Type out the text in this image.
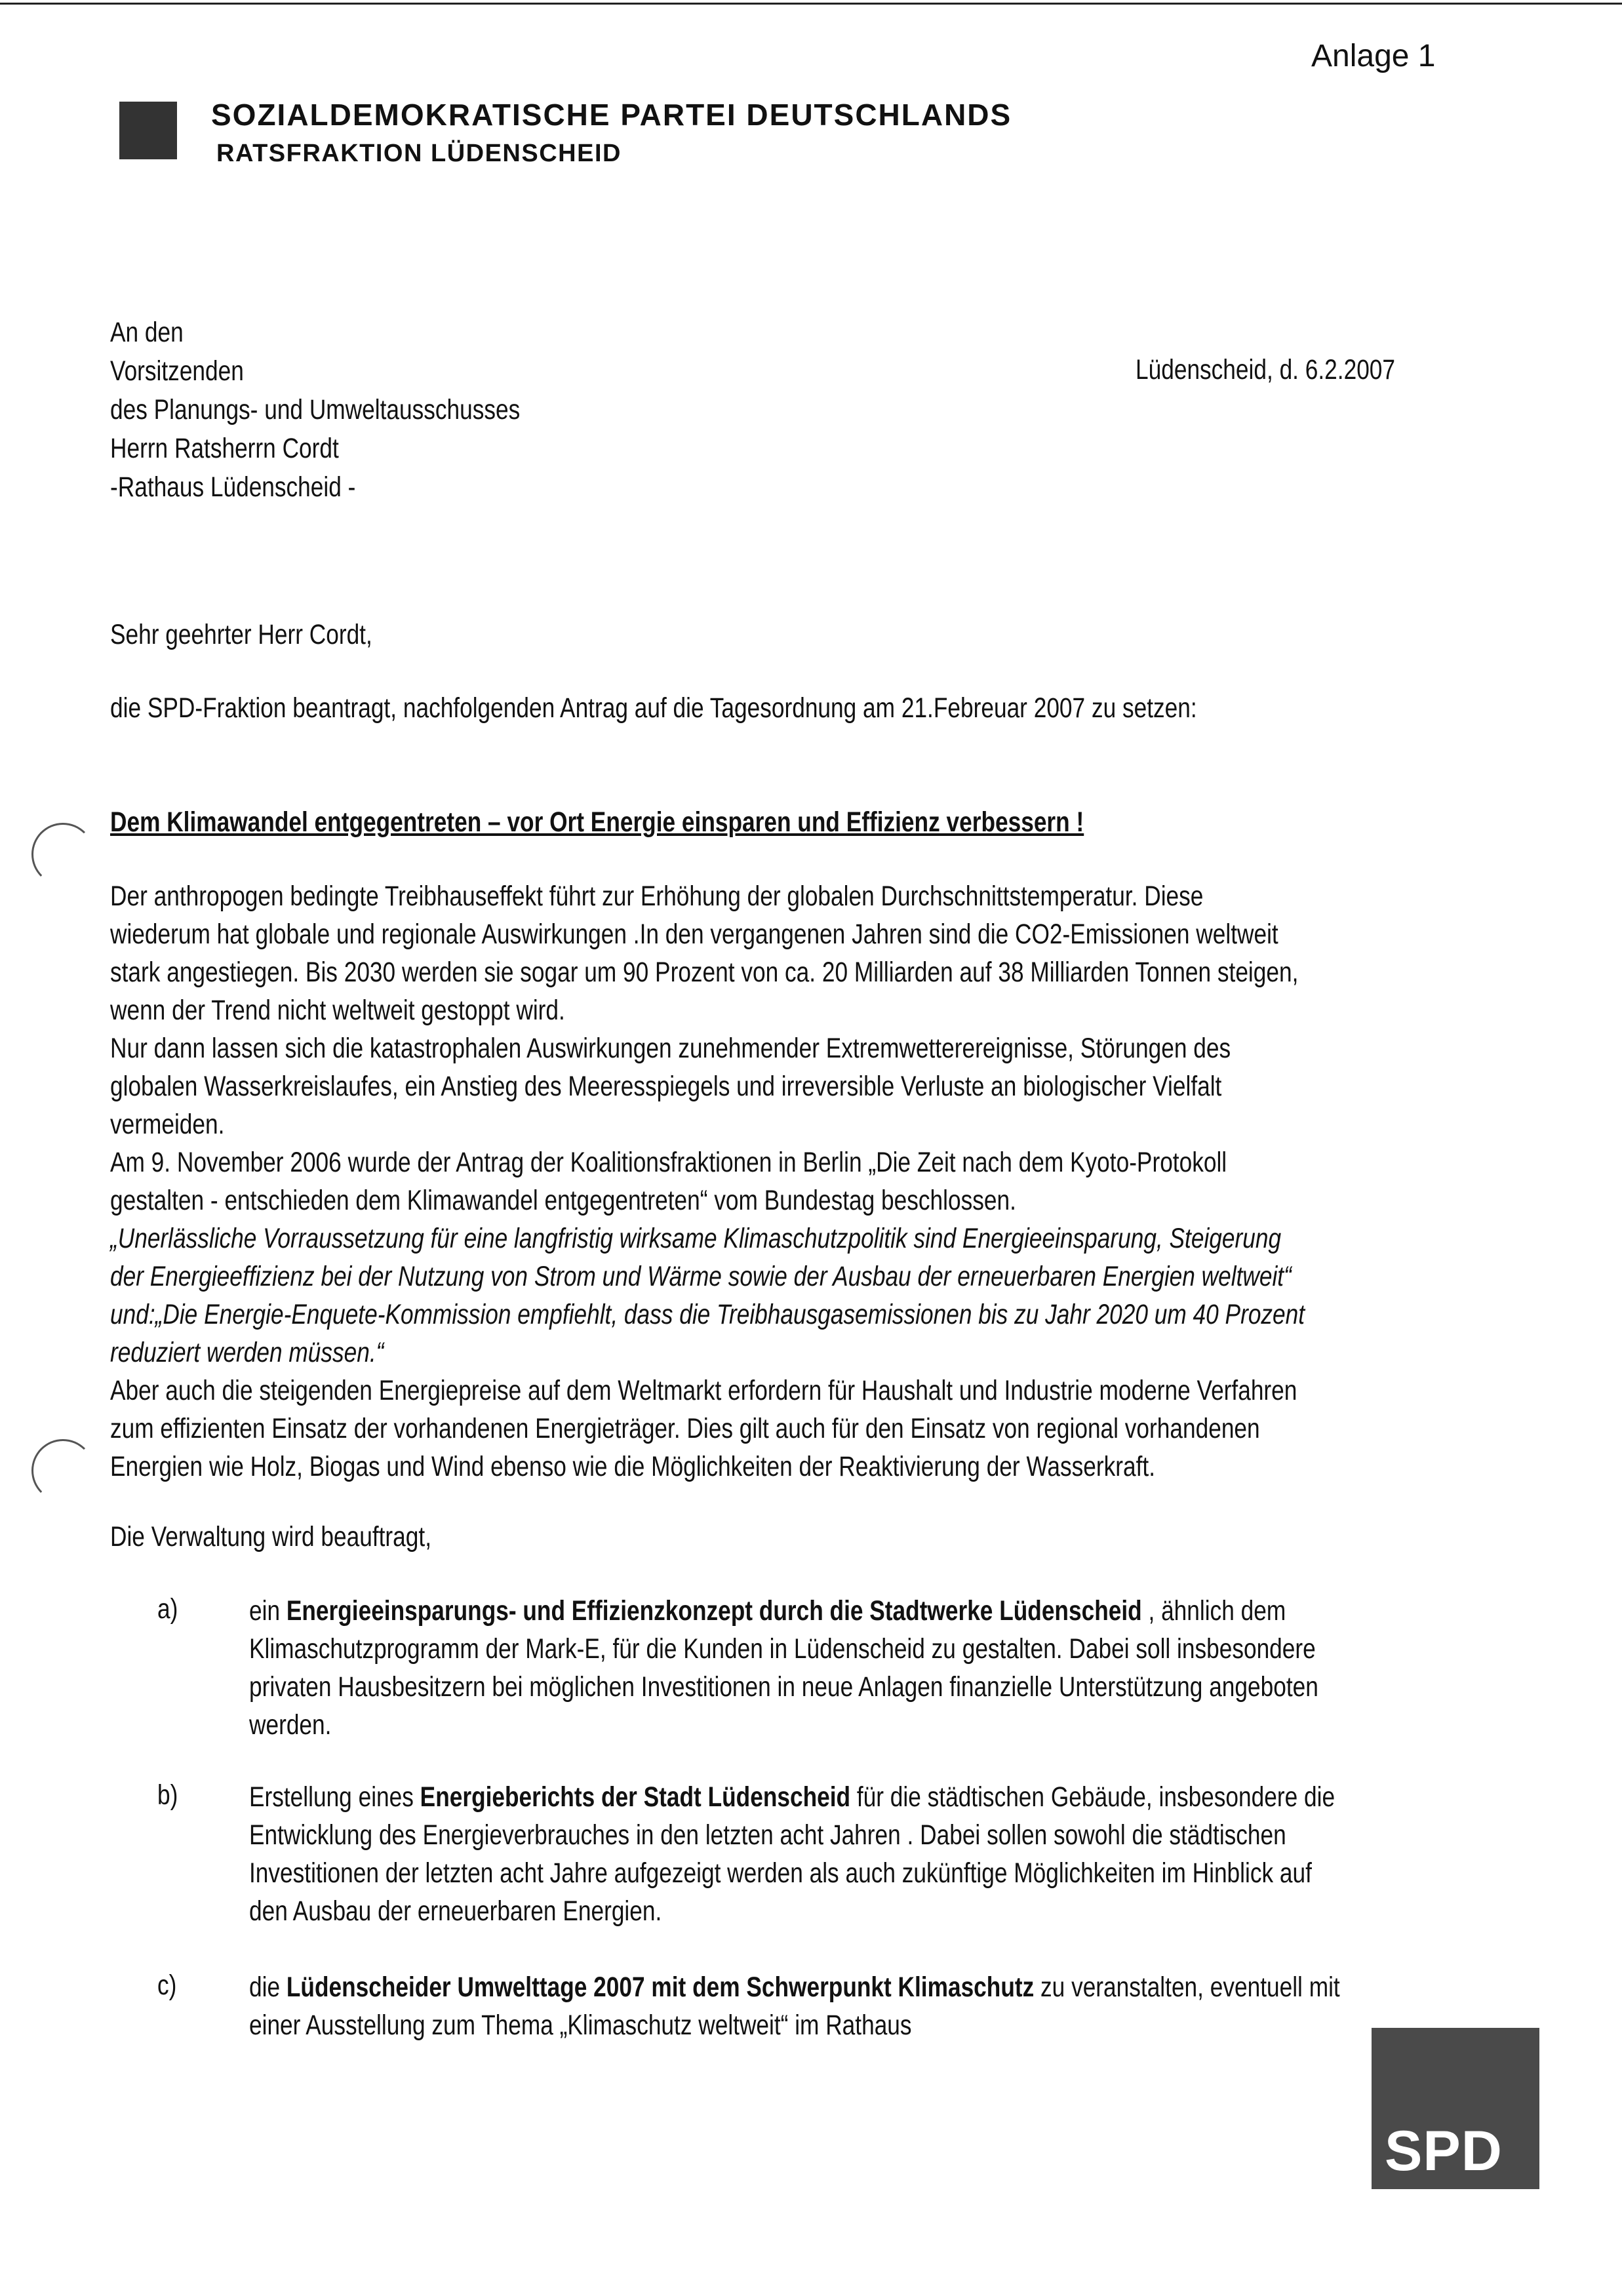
Anlage 1
SOZIALDEMOKRATISCHE PARTEI DEUTSCHLANDS
RATSFRAKTION LÜDENSCHEID
An den
Vorsitzenden
des Planungs- und Umweltausschusses
Herrn Ratsherrn Cordt
-Rathaus Lüdenscheid -
Lüdenscheid, d. 6.2.2007
Sehr geehrter Herr Cordt,
die SPD-Fraktion beantragt, nachfolgenden Antrag auf die Tagesordnung am 21.Febreuar 2007 zu setzen:
Dem Klimawandel entgegentreten – vor Ort Energie einsparen und Effizienz verbessern !
Der anthropogen bedingte Treibhauseffekt führt zur Erhöhung der globalen Durchschnittstemperatur. Diese
wiederum hat globale und regionale Auswirkungen .In den vergangenen Jahren sind die CO2-Emissionen weltweit
stark angestiegen. Bis 2030 werden sie sogar um 90 Prozent von ca. 20 Milliarden auf 38 Milliarden Tonnen steigen,
wenn der Trend nicht weltweit gestoppt wird.
Nur dann lassen sich die katastrophalen Auswirkungen zunehmender Extremwetterereignisse, Störungen des
globalen Wasserkreislaufes, ein Anstieg des Meeresspiegels und irreversible Verluste an biologischer Vielfalt
vermeiden.
Am 9. November 2006 wurde der Antrag der Koalitionsfraktionen in Berlin „Die Zeit nach dem Kyoto-Protokoll
gestalten - entschieden dem Klimawandel entgegentreten“ vom Bundestag beschlossen.
„Unerlässliche Vorraussetzung für eine langfristig wirksame Klimaschutzpolitik sind Energieeinsparung, Steigerung
der Energieeffizienz bei der Nutzung von Strom und Wärme sowie der Ausbau der erneuerbaren Energien weltweit“
und:„Die Energie-Enquete-Kommission empfiehlt, dass die Treibhausgasemissionen bis zu Jahr 2020 um 40 Prozent
reduziert werden müssen.“
Aber auch die steigenden Energiepreise auf dem Weltmarkt erfordern für Haushalt und Industrie moderne Verfahren
zum effizienten Einsatz der vorhandenen Energieträger. Dies gilt auch für den Einsatz von regional vorhandenen
Energien wie Holz, Biogas und Wind ebenso wie die Möglichkeiten der Reaktivierung der Wasserkraft.
Die Verwaltung wird beauftragt,
a)	ein Energieeinsparungs- und Effizienzkonzept durch die Stadtwerke Lüdenscheid , ähnlich dem
Klimaschutzprogramm der Mark-E, für die Kunden in Lüdenscheid zu gestalten. Dabei soll insbesondere
privaten Hausbesitzern bei möglichen Investitionen in neue Anlagen finanzielle Unterstützung angeboten
werden.
b)	Erstellung eines Energieberichts der Stadt Lüdenscheid für die städtischen Gebäude, insbesondere die
Entwicklung des Energieverbrauches in den letzten acht Jahren . Dabei sollen sowohl die städtischen
Investitionen der letzten acht Jahre aufgezeigt werden als auch zukünftige Möglichkeiten im Hinblick auf
den Ausbau der erneuerbaren Energien.
c)	die Lüdenscheider Umwelttage 2007 mit dem Schwerpunkt Klimaschutz zu veranstalten, eventuell mit
einer Ausstellung zum Thema „Klimaschutz weltweit“ im Rathaus
SPD
